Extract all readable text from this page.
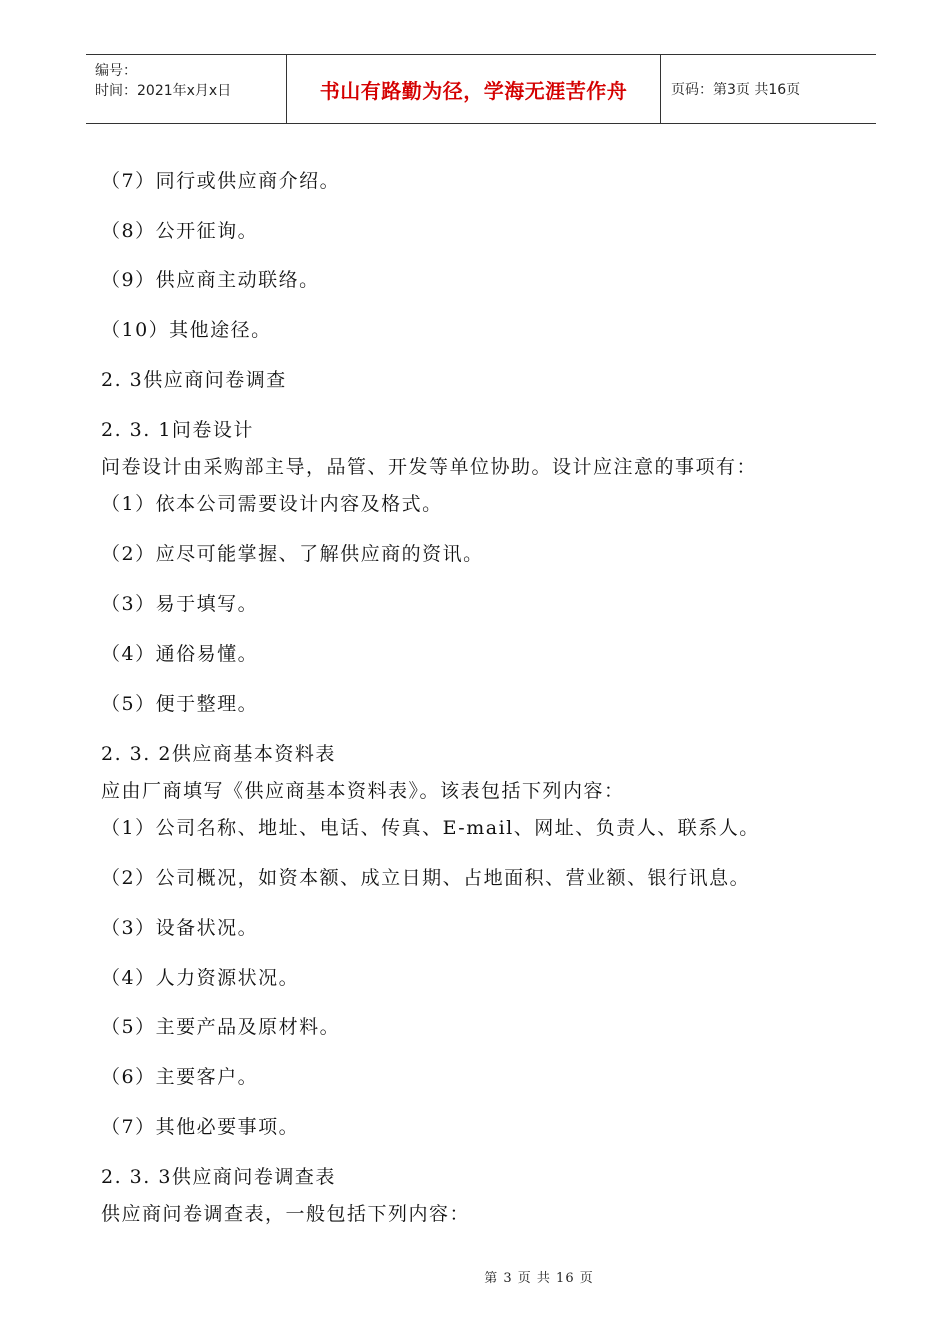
编号：
时间：2021年x月x日	书山有路勤为径，学海无涯苦作舟	页码：第3页 共16页
（7）同行或供应商介绍。
（8）公开征询。
（9）供应商主动联络。
（10）其他途径。
2. 3供应商问卷调查
2. 3. 1问卷设计
问卷设计由采购部主导，品管、开发等单位协助。设计应注意的事项有：
（1）依本公司需要设计内容及格式。
（2）应尽可能掌握、了解供应商的资讯。
（3）易于填写。
（4）通俗易懂。
（5）便于整理。
2. 3. 2供应商基本资料表
应由厂商填写《供应商基本资料表》。该表包括下列内容：
（1）公司名称、地址、电话、传真、E-mail、网址、负责人、联系人。
（2）公司概况，如资本额、成立日期、占地面积、营业额、银行讯息。
（3）设备状况。
（4）人力资源状况。
（5）主要产品及原材料。
（6）主要客户。
（7）其他必要事项。
2. 3. 3供应商问卷调查表
供应商问卷调查表，一般包括下列内容：
第 3 页 共 16 页
